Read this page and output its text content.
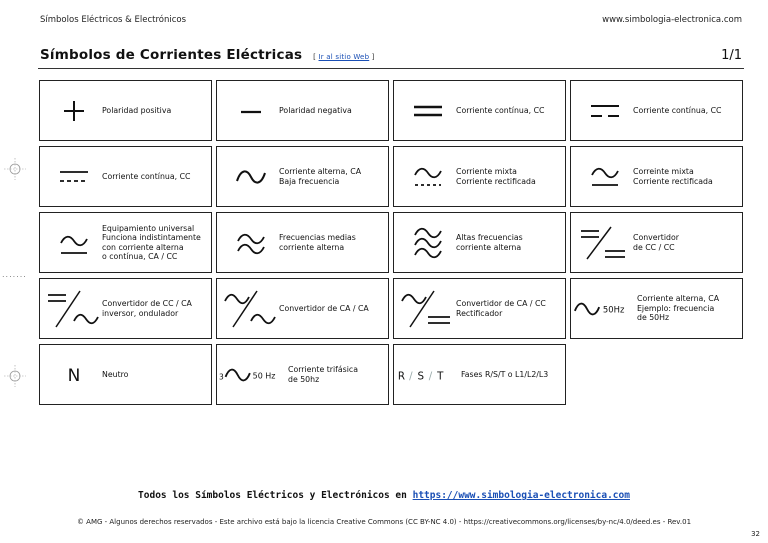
Símbolos Eléctricos & Electrónicos	www.simbologia-electronica.com
Símbolos de Corrientes Eléctricas [ Ir al sitio Web ]	1/1
.......
Polaridad positiva	Polaridad negativa	Corriente contínua, CC	Corriente contínua, CC
Corriente contínua, CC
Corriente alterna, CA
Baja frecuencia
Corriente mixta
Corriente rectificada
Correinte mixta
Corriente rectificada
Equipamiento universal
Funciona indistintamente
con corriente alterna
o contínua, CA / CC
Frecuencias medias
corriente alterna
Altas frecuencias
corriente alterna
Convertidor
de CC / CC
Convertidor de CC / CA
inversor, ondulador
Convertidor de CA / CA
Convertidor de CA / CC
Rectificador	50Hz
Corriente alterna, CA
Ejemplo: frecuencia
de 50Hz
N	Neutro	3	50 Hz
Corriente trifásica
de 50hz	R / S / T Fases R/S/T o L1/L2/L3
Todos los Símbolos Eléctricos y Electrónicos en https://www.simbologia-electronica.com
© AMG - Algunos derechos reservados - Este archivo está bajo la licencia Creative Commons (CC BY-NC 4.0) - https://creativecommons.org/licenses/by-nc/4.0/deed.es - Rev.01
32
